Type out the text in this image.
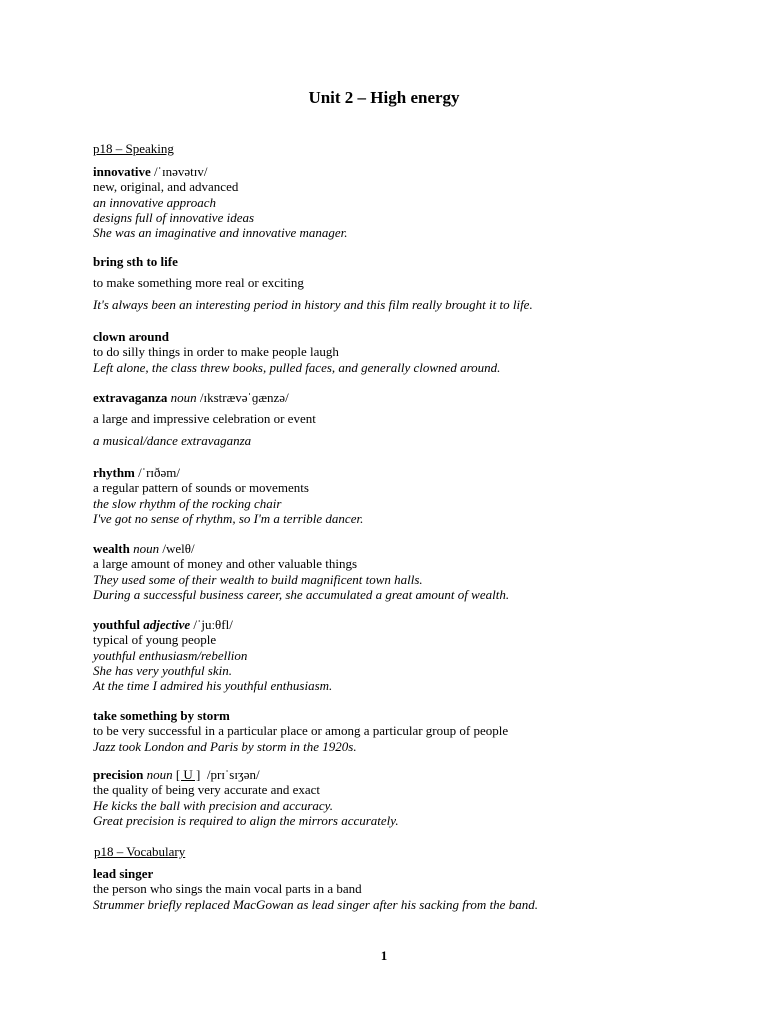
Unit 2 – High energy
p18 – Speaking
innovative /ˈɪnəvətɪv/
new, original, and advanced
an innovative approach
designs full of innovative ideas
She was an imaginative and innovative manager.
bring sth to life
to make something more real or exciting
It's always been an interesting period in history and this film really brought it to life.
clown around
to do silly things in order to make people laugh
Left alone, the class threw books, pulled faces, and generally clowned around.
extravaganza noun /ɪkstrævəˈɡænzə/
a large and impressive celebration or event
a musical/dance extravaganza
rhythm /ˈrɪðəm/
a regular pattern of sounds or movements
the slow rhythm of the rocking chair
I've got no sense of rhythm, so I'm a terrible dancer.
wealth noun /welθ/
a large amount of money and other valuable things
They used some of their wealth to build magnificent town halls.
During a successful business career, she accumulated a great amount of wealth.
youthful adjective /ˈjuːθfl/
typical of young people
youthful enthusiasm/rebellion
She has very youthful skin.
At the time I admired his youthful enthusiasm.
take something by storm
to be very successful in a particular place or among a particular group of people
Jazz took London and Paris by storm in the 1920s.
precision noun [ U ] /prɪˈsɪʒən/
the quality of being very accurate and exact
He kicks the ball with precision and accuracy.
Great precision is required to align the mirrors accurately.
p18 – Vocabulary
lead singer
the person who sings the main vocal parts in a band
Strummer briefly replaced MacGowan as lead singer after his sacking from the band.
1
